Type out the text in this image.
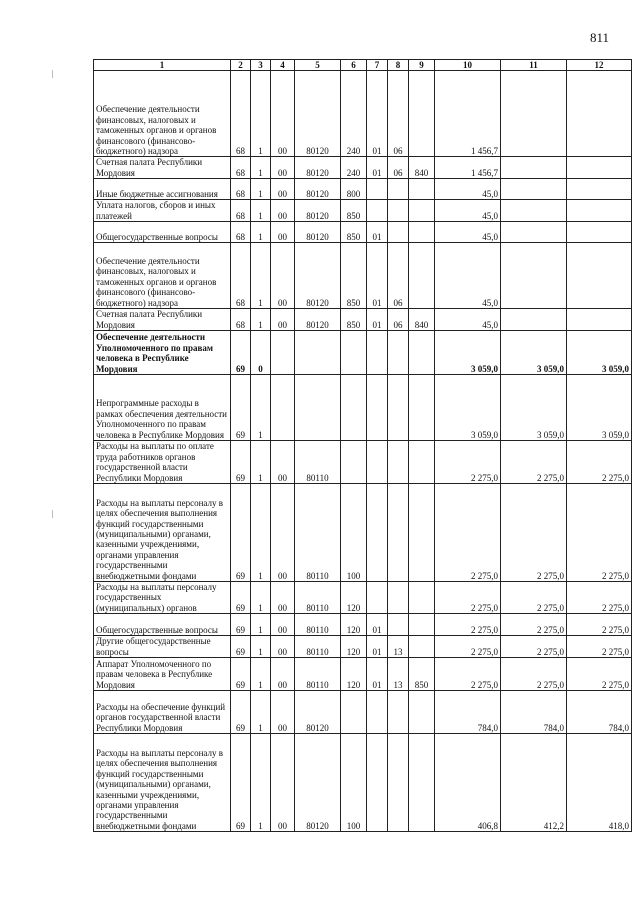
811
1	2	3	4	5	6	7	8	9	10	11	12
Обеспечение деятельности финансовых, налоговых и таможенных органов и органов финансового (финансово-бюджетного) надзора	68	1	00	80120	240	01	06		1 456,7		
Счетная палата Республики Мордовия	68	1	00	80120	240	01	06	840	1 456,7		
Иные бюджетные ассигнования	68	1	00	80120	800				45,0		
Уплата налогов, сборов и иных платежей	68	1	00	80120	850				45,0		
Общегосударственные вопросы	68	1	00	80120	850	01			45,0		
Обеспечение деятельности финансовых, налоговых и таможенных органов и органов финансового (финансово-бюджетного) надзора	68	1	00	80120	850	01	06		45,0		
Счетная палата Республики Мордовия	68	1	00	80120	850	01	06	840	45,0		
Обеспечение деятельности Уполномоченного по правам человека в Республике Мордовия	69	0							3 059,0	3 059,0	3 059,0
Непрограммные расходы в рамках обеспечения деятельности Уполномоченного по правам человека в Республике Мордовия	69	1							3 059,0	3 059,0	3 059,0
Расходы на выплаты по оплате труда работников органов государственной власти Республики Мордовия	69	1	00	80110					2 275,0	2 275,0	2 275,0
Расходы на выплаты персоналу в целях обеспечения выполнения функций государственными (муниципальными) органами, казенными учреждениями, органами управления государственными внебюджетными фондами	69	1	00	80110	100				2 275,0	2 275,0	2 275,0
Расходы на выплаты персоналу государственных (муниципальных) органов	69	1	00	80110	120				2 275,0	2 275,0	2 275,0
Общегосударственные вопросы	69	1	00	80110	120	01			2 275,0	2 275,0	2 275,0
Другие общегосударственные вопросы	69	1	00	80110	120	01	13		2 275,0	2 275,0	2 275,0
Аппарат Уполномоченного по правам человека в Республике Мордовия	69	1	00	80110	120	01	13	850	2 275,0	2 275,0	2 275,0
Расходы на обеспечение функций органов государственной власти Республики Мордовия	69	1	00	80120					784,0	784,0	784,0
Расходы на выплаты персоналу в целях обеспечения выполнения функций государственными (муниципальными) органами, казенными учреждениями, органами управления государственными внебюджетными фондами	69	1	00	80120	100				406,8	412,2	418,0
